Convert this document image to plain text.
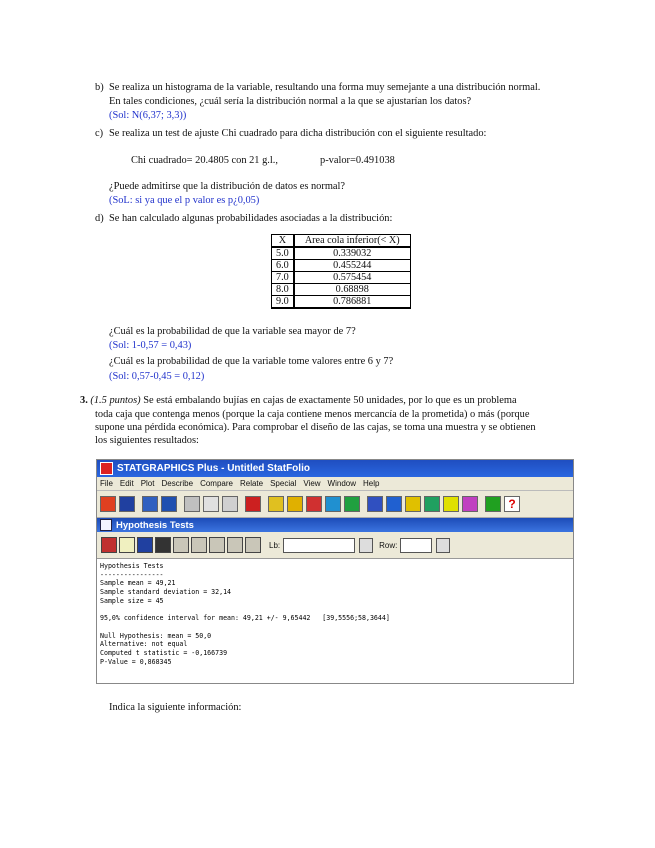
b) Se realiza un histograma de la variable, resultando una forma muy semejante a una distribución normal.
En tales condiciones, ¿cuál sería la distribución normal a la que se ajustarían los datos?
(Sol: N(6,37; 3,3))
c) Se realiza un test de ajuste Chi cuadrado para dicha distribución con el siguiente resultado:
Chi cuadrado= 20.4805 con 21 g.l.,	p-valor=0.491038
¿Puede admitirse que la distribución de datos es normal?
(SoL: si ya que el p valor es p¿0,05)
d) Se han calculado algunas probabilidades asociadas a la distribución:
X	Area cola inferior(< X)
5.0	0.339032
6.0	0.455244
7.0	0.575454
8.0	0.68898
9.0	0.786881
¿Cuál es la probabilidad de que la variable sea mayor de 7?
(Sol: 1-0,57 = 0,43)
¿Cuál es la probabilidad de que la variable tome valores entre 6 y 7?
(Sol: 0,57-0,45 = 0,12)
3. (1.5 puntos) Se está embalando bujías en cajas de exactamente 50 unidades, por lo que es un problema
toda caja que contenga menos (porque la caja contiene menos mercancía de la prometida) o más (porque
supone una pérdida económica). Para comprobar el diseño de las cajas, se toma una muestra y se obtienen
los siguientes resultados:
STATGRAPHICS Plus - Untitled StatFolio
File Edit Plot Describe Compare Relate Special View Window Help
?
Hypothesis Tests
Lb:	Row:
Hypothesis Tests
----------------
Sample mean = 49,21
Sample standard deviation = 32,14
Sample size = 45

95,0% confidence interval for mean: 49,21 +/- 9,65442   [39,5556;58,3644]

Null Hypothesis: mean = 50,0
Alternative: not equal
Computed t statistic = -0,166739
P-Value = 0,868345
Indica la siguiente información:
